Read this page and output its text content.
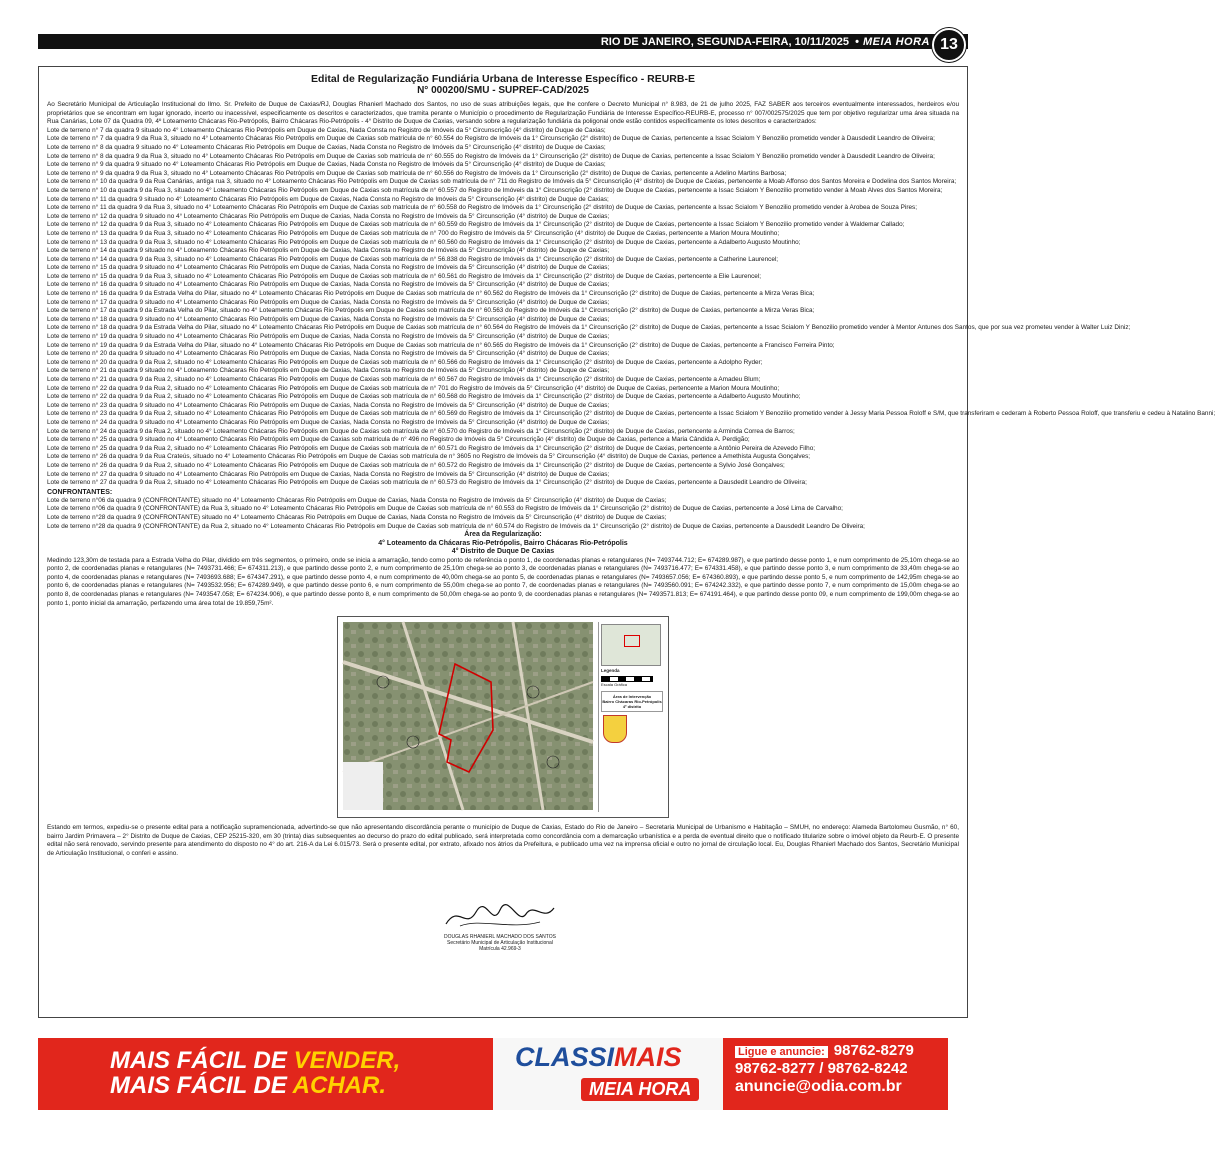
RIO DE JANEIRO, SEGUNDA-FEIRA, 10/11/2025 • MEIA HORA 13
Edital de Regularização Fundiária Urbana de Interesse Específico - REURB-E
N° 000200/SMU - SUPREF-CAD/2025
Ao Secretário Municipal de Articulação Institucional do Ilmo. Sr. Prefeito de Duque de Caxias/RJ, Douglas Rhanierl Machado dos Santos, no uso de suas atribuições legais, que lhe confere o Decreto Municipal n° 8.983, de 21 de julho 2025, FAZ SABER aos terceiros eventualmente interessados, herdeiros e/ou proprietários que se encontram em lugar ignorado, incerto ou inacessível, especificamente os descritos e caracterizados, que tramita perante o Município o procedimento de Regularização Fundiária de Interesse Específico-REURB-E, processo n° 007/002575/2025 que tem por objetivo regularizar uma área situada na Rua Canárias, Lote 07 da Quadra 09, 4º Loteamento Chácaras Rio-Petrópolis, Bairro Chácaras Rio-Petrópolis - 4° Distrito de Duque de Caxias, versando sobre a regularização fundiária da poligonal onde estão contidos especificamente os lotes descritos e caracterizados:
Lote de terreno n° 7 da quadra 9 situado no 4° Loteamento Chácaras Rio Petrópolis em Duque de Caxias, Nada Consta no Registro de Imóveis da 5° Circunscrição (4° distrito) de Duque de Caxias;
Lote de terreno n° 7 da quadra 9 da Rua 3, situado no 4° Loteamento Chácaras Rio Petrópolis em Duque de Caxias sob matrícula de n° 60.554 do Registro de Imóveis da 1° Circunscrição (2° distrito) de Duque de Caxias, pertencente a Issac Scialom Y Benozilio prometido vender à Dausdedit Leandro de Oliveira;
Lote de terreno n° 8 da quadra 9 situado no 4° Loteamento Chácaras Rio Petrópolis em Duque de Caxias, Nada Consta no Registro de Imóveis da 5° Circunscrição (4° distrito) de Duque de Caxias;
Lote de terreno n° 8 da quadra 9 da Rua 3, situado no 4° Loteamento Chácaras Rio Petrópolis em Duque de Caxias sob matrícula de n° 60.555 do Registro de Imóveis da 1° Circunscrição (2° distrito) de Duque de Caxias, pertencente a Issac Scialom Y Benozilio prometido vender à Dausdedit Leandro de Oliveira;
Lote de terreno n° 9 da quadra 9 situado no 4° Loteamento Chácaras Rio Petrópolis em Duque de Caxias, Nada Consta no Registro de Imóveis da 5° Circunscrição (4° distrito) de Duque de Caxias;
Lote de terreno n° 9 da quadra 9 da Rua 3, situado no 4° Loteamento Chácaras Rio Petrópolis em Duque de Caxias sob matrícula de n° 60.556 do Registro de Imóveis da 1° Circunscrição (2° distrito) de Duque de Caxias, pertencente a Adelino Martins Barbosa;
Lote de terreno n° 10 da quadra 9 da Rua Canárias, antiga rua 3, situado no 4° Loteamento Chácaras Rio Petrópolis em Duque de Caxias sob matrícula de n° 711 do Registro de Imóveis da 5° Circunscrição (4° distrito) de Duque de Caxias, pertencente a Moab Affonso dos Santos Moreira e Dodelina dos Santos Moreira;
Lote de terreno n° 10 da quadra 9 da Rua 3, situado no 4° Loteamento Chácaras Rio Petrópolis em Duque de Caxias sob matrícula de n° 60.557 do Registro de Imóveis da 1° Circunscrição (2° distrito) de Duque de Caxias, pertencente a Issac Scialom Y Benozilio prometido vender à Moab Alves dos Santos Moreira;
Lote de terreno n° 11 da quadra 9 situado no 4° Loteamento Chácaras Rio Petrópolis em Duque de Caxias, Nada Consta no Registro de Imóveis da 5° Circunscrição (4° distrito) de Duque de Caxias;
Lote de terreno n° 11 da quadra 9 da Rua 3, situado no 4° Loteamento Chácaras Rio Petrópolis em Duque de Caxias sob matrícula de n° 60.558 do Registro de Imóveis da 1° Circunscrição (2° distrito) de Duque de Caxias, pertencente a Issac Scialom Y Benozilio prometido vender à Arobea de Souza Pires;
Lote de terreno n° 12 da quadra 9 situado no 4° Loteamento Chácaras Rio Petrópolis em Duque de Caxias, Nada Consta no Registro de Imóveis da 5° Circunscrição (4° distrito) de Duque de Caxias;
Lote de terreno n° 12 da quadra 9 da Rua 3, situado no 4° Loteamento Chácaras Rio Petrópolis em Duque de Caxias sob matrícula de n° 60.559 do Registro de Imóveis da 1° Circunscrição (2° distrito) de Duque de Caxias, pertencente a Issac Scialom Y Benozilio prometido vender à Waldemar Callado;
Lote de terreno n° 13 da quadra 9 da Rua 3, situado no 4° Loteamento Chácaras Rio Petrópolis em Duque de Caxias sob matrícula de n° 700 do Registro de Imóveis da 5° Circunscrição (4° distrito) de Duque de Caxias, pertencente a Marion Moura Moutinho;
Lote de terreno n° 13 da quadra 9 da Rua 3, situado no 4° Loteamento Chácaras Rio Petrópolis em Duque de Caxias sob matrícula de n° 60.560 do Registro de Imóveis da 1° Circunscrição (2° distrito) de Duque de Caxias, pertencente a Adalberto Augusto Moutinho;
Lote de terreno n° 14 da quadra 9 situado no 4° Loteamento Chácaras Rio Petrópolis em Duque de Caxias, Nada Consta no Registro de Imóveis da 5° Circunscrição (4° distrito) de Duque de Caxias;
Lote de terreno n° 14 da quadra 9 da Rua 3, situado no 4° Loteamento Chácaras Rio Petrópolis em Duque de Caxias sob matrícula de n° 56.838 do Registro de Imóveis da 1° Circunscrição (2° distrito) de Duque de Caxias, pertencente a Catherine Laurencel;
Lote de terreno n° 15 da quadra 9 situado no 4° Loteamento Chácaras Rio Petrópolis em Duque de Caxias, Nada Consta no Registro de Imóveis da 5° Circunscrição (4° distrito) de Duque de Caxias;
Lote de terreno n° 15 da quadra 9 da Rua 3, situado no 4° Loteamento Chácaras Rio Petrópolis em Duque de Caxias sob matrícula de n° 60.561 do Registro de Imóveis da 1° Circunscrição (2° distrito) de Duque de Caxias, pertencente a Elie Laurencel;
Lote de terreno n° 16 da quadra 9 situado no 4° Loteamento Chácaras Rio Petrópolis em Duque de Caxias, Nada Consta no Registro de Imóveis da 5° Circunscrição (4° distrito) de Duque de Caxias;
Lote de terreno n° 16 da quadra 9 da Estrada Velha do Pilar, situado no 4° Loteamento Chácaras Rio Petrópolis em Duque de Caxias sob matrícula de n° 60.562 do Registro de Imóveis da 1° Circunscrição (2° distrito) de Duque de Caxias, pertencente a Mirza Veras Bica;
Lote de terreno n° 17 da quadra 9 situado no 4° Loteamento Chácaras Rio Petrópolis em Duque de Caxias, Nada Consta no Registro de Imóveis da 5° Circunscrição (4° distrito) de Duque de Caxias;
Lote de terreno n° 17 da quadra 9 da Estrada Velha do Pilar, situado no 4° Loteamento Chácaras Rio Petrópolis em Duque de Caxias sob matrícula de n° 60.563 do Registro de Imóveis da 1° Circunscrição (2° distrito) de Duque de Caxias, pertencente a Mirza Veras Bica;
Lote de terreno n° 18 da quadra 9 situado no 4° Loteamento Chácaras Rio Petrópolis em Duque de Caxias, Nada Consta no Registro de Imóveis da 5° Circunscrição (4° distrito) de Duque de Caxias;
Lote de terreno n° 18 da quadra 9 da Estrada Velha do Pilar, situado no 4° Loteamento Chácaras Rio Petrópolis em Duque de Caxias sob matrícula de n° 60.564 do Registro de Imóveis da 1° Circunscrição (2° distrito) de Duque de Caxias, pertencente a Issac Scialom Y Benozilio prometido vender à Mentor Antunes dos Santos, que por sua vez prometeu vender à Walter Luiz Diniz;
Lote de terreno n° 19 da quadra 9 situado no 4° Loteamento Chácaras Rio Petrópolis em Duque de Caxias, Nada Consta no Registro de Imóveis da 5° Circunscrição (4° distrito) de Duque de Caxias;
Lote de terreno n° 19 da quadra 9 da Estrada Velha do Pilar, situado no 4° Loteamento Chácaras Rio Petrópolis em Duque de Caxias sob matrícula de n° 60.565 do Registro de Imóveis da 1° Circunscrição (2° distrito) de Duque de Caxias, pertencente a Francisco Ferreira Pinto;
Lote de terreno n° 20 da quadra 9 situado no 4° Loteamento Chácaras Rio Petrópolis em Duque de Caxias, Nada Consta no Registro de Imóveis da 5° Circunscrição (4° distrito) de Duque de Caxias;
Lote de terreno n° 20 da quadra 9 da Rua 2, situado no 4° Loteamento Chácaras Rio Petrópolis em Duque de Caxias sob matrícula de n° 60.566 do Registro de Imóveis da 1° Circunscrição (2° distrito) de Duque de Caxias, pertencente a Adolpho Ryder;
Lote de terreno n° 21 da quadra 9 situado no 4° Loteamento Chácaras Rio Petrópolis em Duque de Caxias, Nada Consta no Registro de Imóveis da 5° Circunscrição (4° distrito) de Duque de Caxias;
Lote de terreno n° 21 da quadra 9 da Rua 2, situado no 4° Loteamento Chácaras Rio Petrópolis em Duque de Caxias sob matrícula de n° 60.567 do Registro de Imóveis da 1° Circunscrição (2° distrito) de Duque de Caxias, pertencente a Amadeu Blum;
Lote de terreno n° 22 da quadra 9 da Rua 2, situado no 4° Loteamento Chácaras Rio Petrópolis em Duque de Caxias sob matrícula de n° 701 do Registro de Imóveis da 5° Circunscrição (4° distrito) de Duque de Caxias, pertencente a Marion Moura Moutinho;
Lote de terreno n° 22 da quadra 9 da Rua 2, situado no 4° Loteamento Chácaras Rio Petrópolis em Duque de Caxias sob matrícula de n° 60.568 do Registro de Imóveis da 1° Circunscrição (2° distrito) de Duque de Caxias, pertencente a Adalberto Augusto Moutinho;
Lote de terreno n° 23 da quadra 9 situado no 4° Loteamento Chácaras Rio Petrópolis em Duque de Caxias, Nada Consta no Registro de Imóveis da 5° Circunscrição (4° distrito) de Duque de Caxias;
Lote de terreno n° 23 da quadra 9 da Rua 2, situado no 4° Loteamento Chácaras Rio Petrópolis em Duque de Caxias sob matrícula de n° 60.569 do Registro de Imóveis da 1° Circunscrição (2° distrito) de Duque de Caxias, pertencente a Issac Scialom Y Benozilio prometido vender à Jessy Maria Pessoa Roloff e S/M, que transferiram e cederam à Roberto Pessoa Roloff, que transferiu e cedeu à Natalino Banni;
Lote de terreno n° 24 da quadra 9 situado no 4° Loteamento Chácaras Rio Petrópolis em Duque de Caxias, Nada Consta no Registro de Imóveis da 5° Circunscrição (4° distrito) de Duque de Caxias;
Lote de terreno n° 24 da quadra 9 da Rua 2, situado no 4° Loteamento Chácaras Rio Petrópolis em Duque de Caxias sob matrícula de n° 60.570 do Registro de Imóveis da 1° Circunscrição (2° distrito) de Duque de Caxias, pertencente a Arminda Correa de Barros;
Lote de terreno n° 25 da quadra 9 situado no 4° Loteamento Chácaras Rio Petrópolis em Duque de Caxias sob matrícula de n° 496 no Registro de Imóveis da 5° Circunscrição (4° distrito) de Duque de Caxias, pertence a Maria Cândida A. Perdigão;
Lote de terreno n° 25 da quadra 9 da Rua 2, situado no 4° Loteamento Chácaras Rio Petrópolis em Duque de Caxias sob matrícula de n° 60.571 do Registro de Imóveis da 1° Circunscrição (2° distrito) de Duque de Caxias, pertencente a Antônio Pereira de Azevedo Filho;
Lote de terreno n° 26 da quadra 9 da Rua Crateús, situado no 4° Loteamento Chácaras Rio Petrópolis em Duque de Caxias sob matrícula de n° 3605 no Registro de Imóveis da 5° Circunscrição (4° distrito) de Duque de Caxias, pertence a Amethista Augusta Gonçalves;
Lote de terreno n° 26 da quadra 9 da Rua 2, situado no 4° Loteamento Chácaras Rio Petrópolis em Duque de Caxias sob matrícula de n° 60.572 do Registro de Imóveis da 1° Circunscrição (2° distrito) de Duque de Caxias, pertencente a Sylvio José Gonçalves;
Lote de terreno n° 27 da quadra 9 situado no 4° Loteamento Chácaras Rio Petrópolis em Duque de Caxias, Nada Consta no Registro de Imóveis da 5° Circunscrição (4° distrito) de Duque de Caxias;
Lote de terreno n° 27 da quadra 9 da Rua 2, situado no 4° Loteamento Chácaras Rio Petrópolis em Duque de Caxias sob matrícula de n° 60.573 do Registro de Imóveis da 1° Circunscrição (2° distrito) de Duque de Caxias, pertencente a Dausdedit Leandro de Oliveira;
CONFRONTANTES:
Lote de terreno n°06 da quadra 9 (CONFRONTANTE) situado no 4° Loteamento Chácaras Rio Petrópolis em Duque de Caxias, Nada Consta no Registro de Imóveis da 5° Circunscrição (4° distrito) de Duque de Caxias;
Lote de terreno n°06 da quadra 9 (CONFRONTANTE) da Rua 3, situado no 4° Loteamento Chácaras Rio Petrópolis em Duque de Caxias sob matrícula de n° 60.553 do Registro de Imóveis da 1° Circunscrição (2° distrito) de Duque de Caxias, pertencente a José Lima de Carvalho;
Lote de terreno n°28 da quadra 9 (CONFRONTANTE) situado no 4° Loteamento Chácaras Rio Petrópolis em Duque de Caxias, Nada Consta no Registro de Imóveis da 5° Circunscrição (4° distrito) de Duque de Caxias;
Lote de terreno n°28 da quadra 9 (CONFRONTANTE) da Rua 2, situado no 4° Loteamento Chácaras Rio Petrópolis em Duque de Caxias sob matrícula de n° 60.574 do Registro de Imóveis da 1° Circunscrição (2° distrito) de Duque de Caxias, pertencente a Dausdedit Leandro De Oliveira;
Área da Regularização:
4° Loteamento da Chácaras Rio-Petrópolis, Bairro Chácaras Rio-Petrópolis
4° Distrito de Duque De Caxias
Medindo 123,30m de testada para a Estrada Velha do Pilar, dividido em três segmentos, o primeiro, onde se inicia a amarração, tendo como ponto de referência o ponto 1, de coordenadas planas e retangulares (N= 7493744.712; E= 674289.987), e que partindo desse ponto 1, e num comprimento de 25,10m chega-se ao ponto 2, de coordenadas planas e retangulares (N= 7493731.466; E= 674311.213), e que partindo desse ponto 2, e num comprimento de 25,10m chega-se ao ponto 3, de coordenadas planas e retangulares (N= 7493716.477; E= 674331.458), e que partindo desse ponto 3, e num comprimento de 33,40m chega-se ao ponto 4, de coordenadas planas e retangulares (N= 7493693.688; E= 674347.291), e que partindo desse ponto 4, e num comprimento de 40,00m chega-se ao ponto 5, de coordenadas planas e retangulares (N= 7493657.056; E= 674360.893), e que partindo desse ponto 5, e num comprimento de 142,95m chega-se ao ponto 6, de coordenadas planas e retangulares (N= 7493532.956; E= 674289.949), e que partindo desse ponto 6, e num comprimento de 55,00m chega-se ao ponto 7, de coordenadas planas e retangulares (N= 7493560.091; E= 674242.332), e que partindo desse ponto 7, e num comprimento de 15,00m chega-se ao ponto 8, de coordenadas planas e retangulares (N= 7493547.058; E= 674234.906), e que partindo desse ponto 8, e num comprimento de 50,00m chega-se ao ponto 9, de coordenadas planas e retangulares (N= 7493571.813; E= 674191.464), e que partindo desse ponto 09, e num comprimento de 199,00m chega-se ao ponto 1, ponto inicial da amarração, perfazendo uma área total de 19.859,75m².
Legenda
Escala Gráfica
Área de Intervenção
Bairro Chácaras Rio-Petrópolis
4º distrito
Estando em termos, expediu-se o presente edital para a notificação supramencionada, advertindo-se que não apresentando discordância perante o município de Duque de Caxias, Estado do Rio de Janeiro – Secretaria Municipal de Urbanismo e Habitação – SMUH, no endereço: Alameda Bartolomeu Gusmão, n° 60, bairro Jardim Primavera – 2° Distrito de Duque de Caxias, CEP 25215-320, em 30 (trinta) dias subsequentes ao decurso do prazo do edital publicado, será interpretada como concordância com a demarcação urbanística e a perda de eventual direito que o notificado titularize sobre o imóvel objeto da Reurb-E. O presente edital não será renovado, servindo presente para atendimento do disposto no 4° do art. 216-A da Lei 6.015/73. Será o presente edital, por extrato, afixado nos átrios da Prefeitura, e publicado uma vez na imprensa oficial e outro no jornal de circulação local. Eu, Douglas Rhanierl Machado dos Santos, Secretário Municipal de Articulação Institucional, o conferi e assino.
DOUGLAS RHANIERL MACHADO DOS SANTOS
Secretário Municipal de Articulação Institucional
Matrícula 42.969-3
MAIS FÁCIL DE VENDER,
MAIS FÁCIL DE ACHAR.
CLASSIMAIS
MEIA HORA
Ligue e anuncie: 98762-8279
98762-8277 / 98762-8242
anuncie@odia.com.br
